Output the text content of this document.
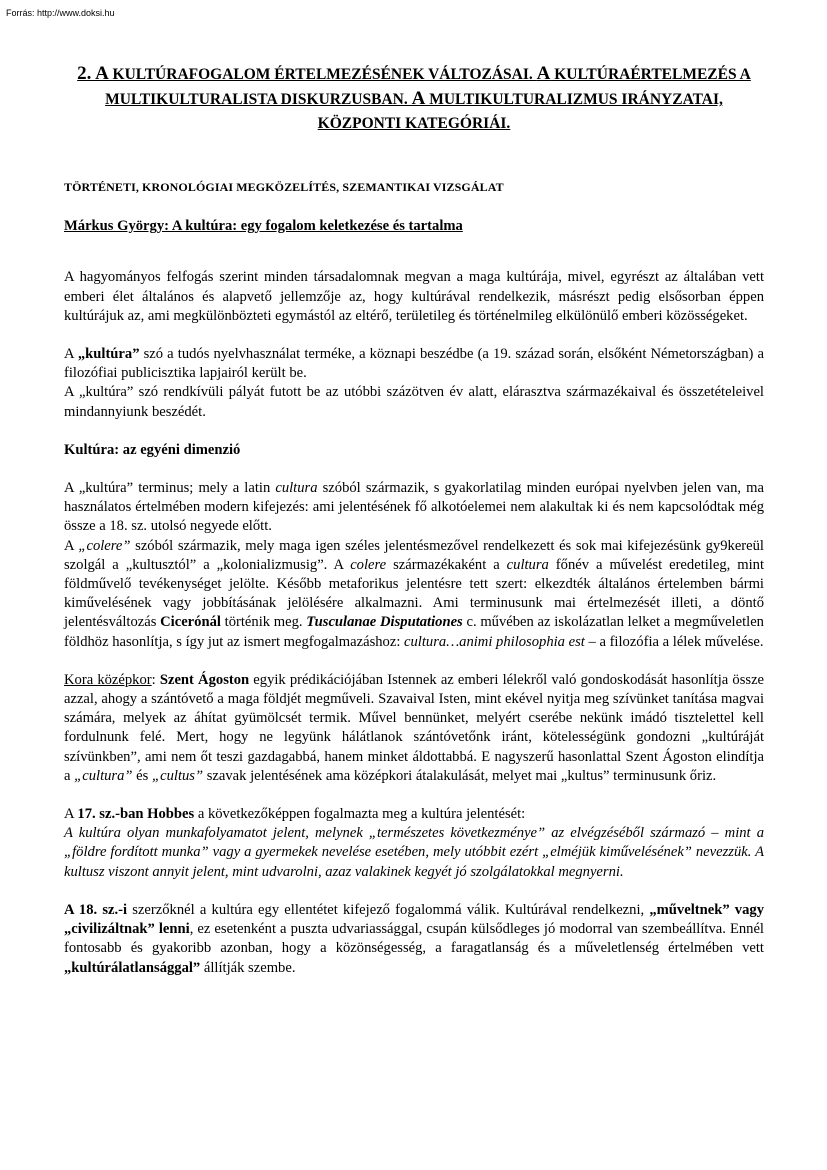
Forrás: http://www.doksi.hu
2. A KULTÚRAFOGALOM ÉRTELMEZÉSÉNEK VÁLTOZÁSAI. A KULTÚRAÉRTELMEZÉS A MULTIKULTURALISTA DISKURZUSBAN. A MULTIKULTURALIZMUS IRÁNYZATAI, KÖZPONTI KATEGÓRIÁI.

TÖRTÉNETI, KRONOLÓGIAI MEGKÖZELÍTÉS, SZEMANTIKAI VIZSGÁLAT

Márkus György: A kultúra: egy fogalom keletkezése és tartalma

A hagyományos felfogás szerint minden társadalomnak megvan a maga kultúrája, mivel, egyrészt az általában vett emberi élet általános és alapvető jellemzője az, hogy kultúrával rendelkezik, másrészt pedig elsősorban éppen kultúrájuk az, ami megkülönbözteti egymástól az eltérő, területileg és történelmileg elkülönülő emberi közösségeket.

A „kultúra” szó a tudós nyelvhasználat terméke, a köznapi beszédbe (a 19. század során, elsőként Németországban) a filozófiai publicisztika lapjairól került be.

A „kultúra” szó rendkívüli pályát futott be az utóbbi százötven év alatt, elárasztva származékaival és összetételeivel mindannyiunk beszédét.

Kultúra: az egyéni dimenzió

A „kultúra” terminus; mely a latin cultura szóból származik, s gyakorlatilag minden európai nyelvben jelen van, ma használatos értelmében modern kifejezés: ami jelentésének fő alkotóelemei nem alakultak ki és nem kapcsolódtak még össze a 18. sz. utolsó negyede előtt.

A „colere” szóból származik, mely maga igen széles jelentésmezővel rendelkezett és sok mai kifejezésünk gy9kereül szolgál a „kultusztól” a „kolonializmusig”. A colere származékaként a cultura főnév a művelést eredetileg, mint földművelő tevékenységet jelölte. Később metaforikus jelentésre tett szert: elkezdték általános értelemben bármi kiművelésének vagy jobbításának jelölésére alkalmazni. Ami terminusunk mai értelmezését illeti, a döntő jelentésváltozás Cicerónál történik meg. Tusculanae Disputationes c. művében az iskolázatlan lelket a megműveletlen földhöz hasonlítja, s így jut az ismert megfogalmazáshoz: cultura…animi philosophia est – a filozófia a lélek művelése.

Kora középkor: Szent Ágoston egyik prédikációjában Istennek az emberi lélekről való gondoskodását hasonlítja össze azzal, ahogy a szántóvető a maga földjét megműveli. Szavaival Isten, mint ekével nyitja meg szívünket tanítása magvai számára, melyek az áhítat gyümölcsét termik. Művel bennünket, melyért cserébe nekünk imádó tisztelettel kell fordulnunk felé. Mert, hogy ne legyünk hálátlanok szántóvetőnk iránt, kötelességünk gondozni „kultúráját szívünkben”, ami nem őt teszi gazdagabbá, hanem minket áldottabbá. E nagyszerű hasonlattal Szent Ágoston elindítja a „cultura” és „cultus” szavak jelentésének ama középkori átalakulását, melyet mai „kultus” terminusunk őriz.

A 17. sz.-ban Hobbes a következőképpen fogalmazta meg a kultúra jelentését:

A kultúra olyan munkafolyamatot jelent, melynek „természetes következménye” az elvégzéséből származó – mint a „földre fordított munka” vagy a gyermekek nevelése esetében, mely utóbbit ezért „elméjük kiművelésének” nevezzük. A kultusz viszont annyit jelent, mint udvarolni, azaz valakinek kegyét jó szolgálatokkal megnyerni.

A 18. sz.-i szerzőknél a kultúra egy ellentétet kifejező fogalommá válik. Kultúrával rendelkezni, „műveltnek” vagy „civilizáltnak” lenni, ez esetenként a puszta udvariassággal, csupán külsődleges jó modorral van szembeállítva. Ennél fontosabb és gyakoribb azonban, hogy a közönségesség, a faragatlanság és a műveletlenség értelmében vett „kultúrálatlansággal” állítják szembe.
